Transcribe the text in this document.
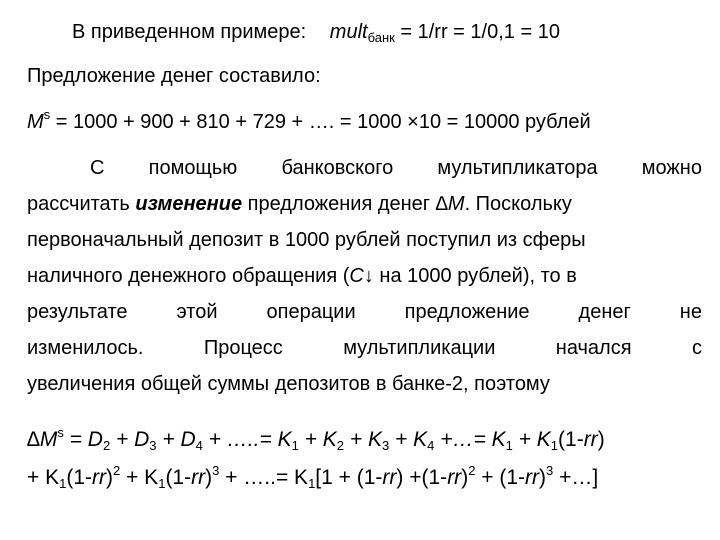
В приведенном примере: mult$_{банк}$ = 1/rr = 1/0,1 = 10
Предложение денег составило:
$M^s = 1000 + 900 + 810 + 729$ + …. = 1000 ×10 = 10000 рублей
С помощью банковского мультипликатора можно
рассчитать изменение предложения денег ∆M. Поскольку
первоначальный депозит в 1000 рублей поступил из сферы
наличного денежного обращения (C↓ на 1000 рублей), то в
результате этой операции предложение денег не
изменилось.	Процесс	мультипликации	начался	с
увеличения общей суммы депозитов в банке-2, поэтому
$\Delta M^s = D_2 + D_3 + D_4$ + …..= $K_1 + K_2 + K_3 + K_4$ +…= $K_1 + K_1(1-rr)$
+ $K_1(1-rr)^2 + K_1(1-rr)^3$ + …..= $K_1[1 + (1-rr) +(1-rr)^2 + (1-rr)^3$ +…]
